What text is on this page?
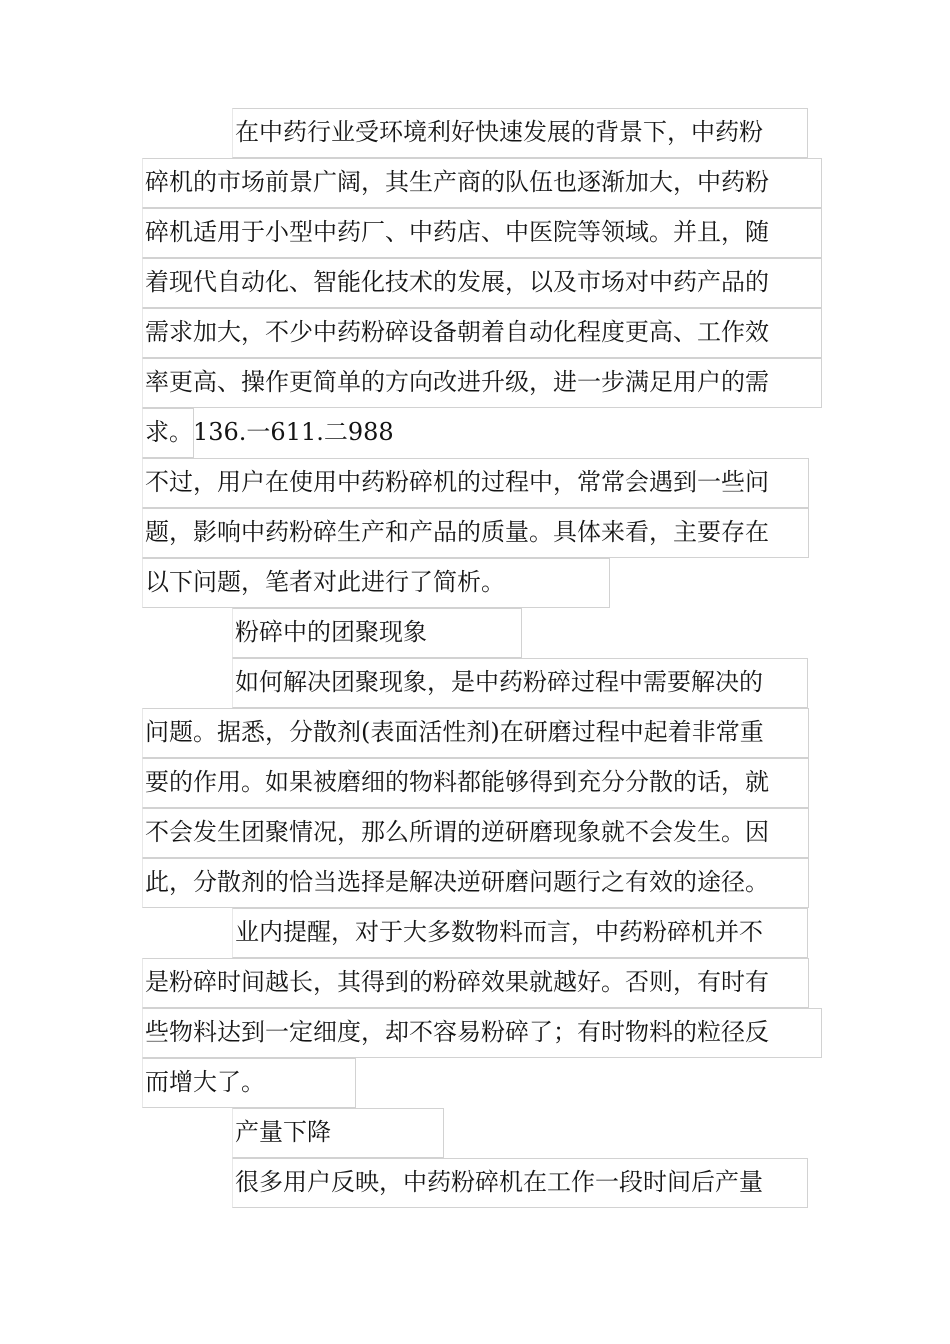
在中药行业受环境利好快速发展的背景下，中药粉
碎机的市场前景广阔，其生产商的队伍也逐渐加大，中药粉
碎机适用于小型中药厂、中药店、中医院等领域。并且，随
着现代自动化、智能化技术的发展，以及市场对中药产品的
需求加大，不少中药粉碎设备朝着自动化程度更高、工作效
率更高、操作更简单的方向改进升级，进一步满足用户的需
求。136.一611.二988
不过，用户在使用中药粉碎机的过程中，常常会遇到一些问
题，影响中药粉碎生产和产品的质量。具体来看，主要存在
以下问题，笔者对此进行了简析。
粉碎中的团聚现象
如何解决团聚现象，是中药粉碎过程中需要解决的
问题。据悉，分散剂(表面活性剂)在研磨过程中起着非常重
要的作用。如果被磨细的物料都能够得到充分分散的话，就
不会发生团聚情况，那么所谓的逆研磨现象就不会发生。因
此，分散剂的恰当选择是解决逆研磨问题行之有效的途径。
业内提醒，对于大多数物料而言，中药粉碎机并不
是粉碎时间越长，其得到的粉碎效果就越好。否则，有时有
些物料达到一定细度，却不容易粉碎了；有时物料的粒径反
而增大了。
产量下降
很多用户反映，中药粉碎机在工作一段时间后产量
